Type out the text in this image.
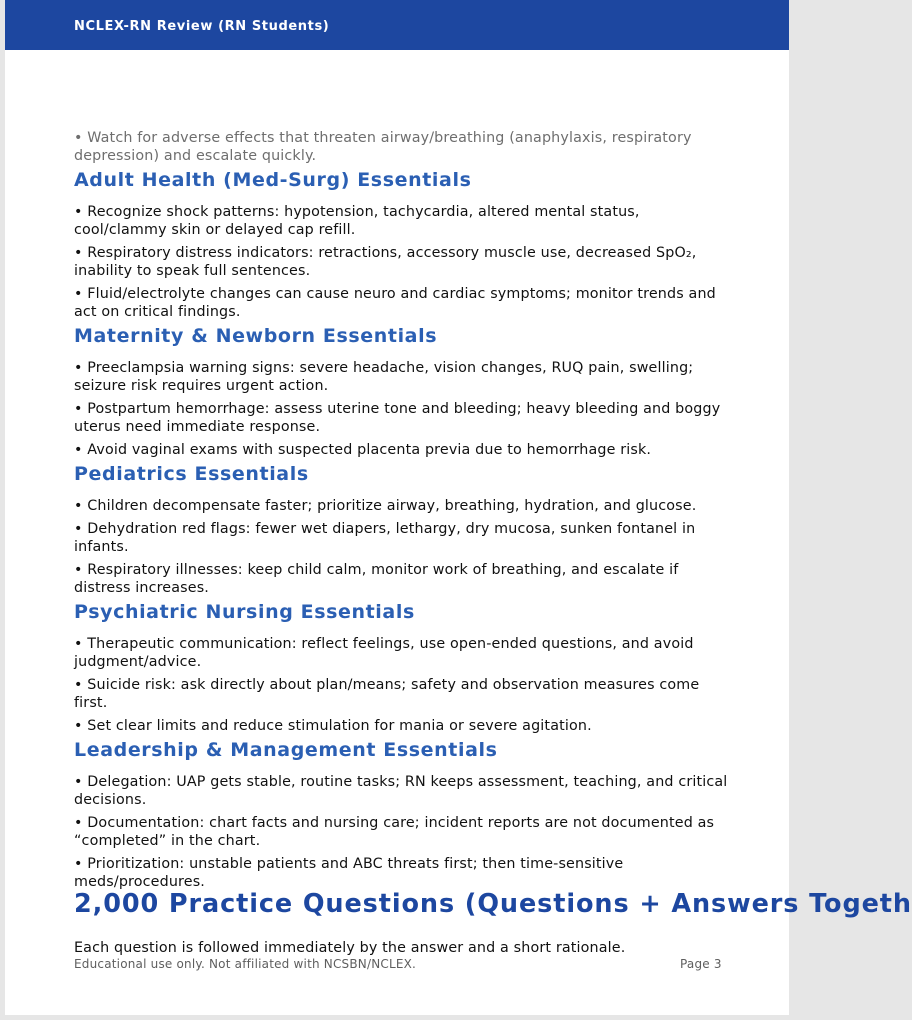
NCLEX-RN Review (RN Students)
• Watch for adverse effects that threaten airway/breathing (anaphylaxis, respiratory depression) and escalate quickly.
Adult Health (Med-Surg) Essentials
• Recognize shock patterns: hypotension, tachycardia, altered mental status, cool/clammy skin or delayed cap refill.
• Respiratory distress indicators: retractions, accessory muscle use, decreased SpO₂, inability to speak full sentences.
• Fluid/electrolyte changes can cause neuro and cardiac symptoms; monitor trends and act on critical findings.
Maternity & Newborn Essentials
• Preeclampsia warning signs: severe headache, vision changes, RUQ pain, swelling; seizure risk requires urgent action.
• Postpartum hemorrhage: assess uterine tone and bleeding; heavy bleeding and boggy uterus need immediate response.
• Avoid vaginal exams with suspected placenta previa due to hemorrhage risk.
Pediatrics Essentials
• Children decompensate faster; prioritize airway, breathing, hydration, and glucose.
• Dehydration red flags: fewer wet diapers, lethargy, dry mucosa, sunken fontanel in infants.
• Respiratory illnesses: keep child calm, monitor work of breathing, and escalate if distress increases.
Psychiatric Nursing Essentials
• Therapeutic communication: reflect feelings, use open-ended questions, and avoid judgment/advice.
• Suicide risk: ask directly about plan/means; safety and observation measures come first.
• Set clear limits and reduce stimulation for mania or severe agitation.
Leadership & Management Essentials
• Delegation: UAP gets stable, routine tasks; RN keeps assessment, teaching, and critical decisions.
• Documentation: chart facts and nursing care; incident reports are not documented as “completed” in the chart.
• Prioritization: unstable patients and ABC threats first; then time-sensitive meds/procedures.
2,000 Practice Questions (Questions + Answers Togeth
Each question is followed immediately by the answer and a short rationale.
Educational use only. Not affiliated with NCSBN/NCLEX.	Page 3
